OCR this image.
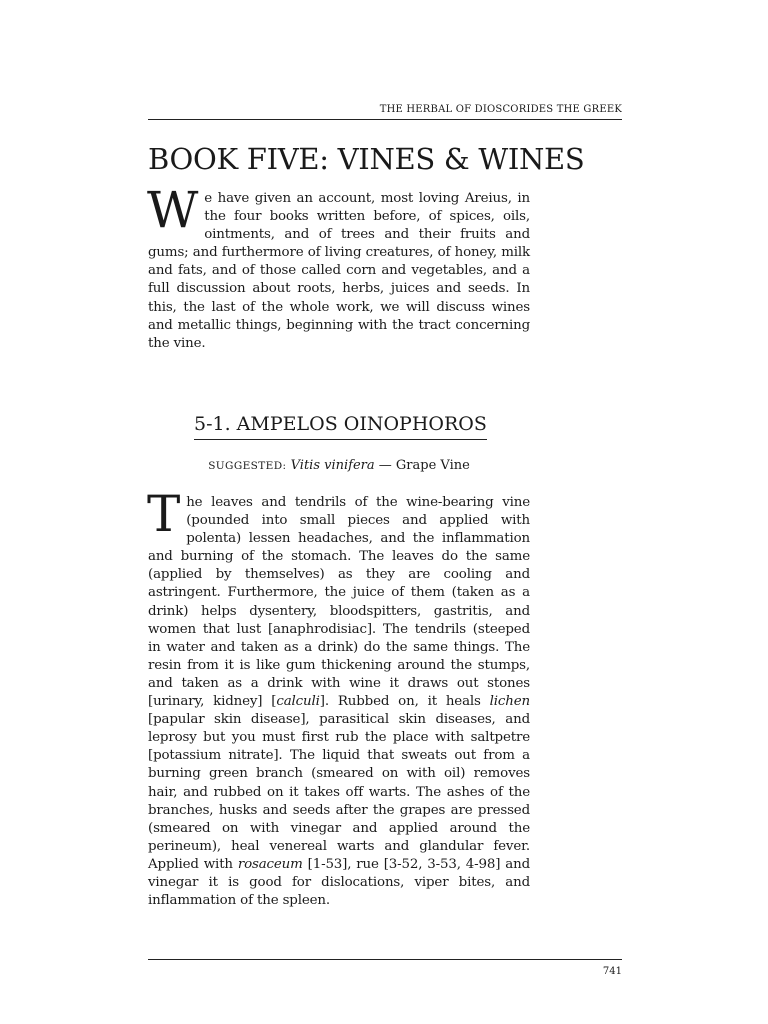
THE HERBAL OF DIOSCORIDES THE GREEK
BOOK FIVE: VINES & WINES

We have given an account, most loving Areius, in the four books written before, of spices, oils, ointments, and of trees and their fruits and gums; and furthermore of living creatures, of honey, milk and fats, and of those called corn and vegetables, and a full discussion about roots, herbs, juices and seeds. In this, the last of the whole work, we will discuss wines and metallic things, beginning with the tract concerning the vine.

5-1. AMPELOS OINOPHOROS
SUGGESTED: Vitis vinifera — Grape Vine

The leaves and tendrils of the wine-bearing vine (pounded into small pieces and applied with polenta) lessen headaches, and the inflammation and burning of the stomach. The leaves do the same (applied by themselves) as they are cooling and astringent. Furthermore, the juice of them (taken as a drink) helps dysentery, bloodspitters, gastritis, and women that lust [anaphrodisiac]. The tendrils (steeped in water and taken as a drink) do the same things. The resin from it is like gum thickening around the stumps, and taken as a drink with wine it draws out stones [urinary, kidney] [calculi]. Rubbed on, it heals lichen [papular skin disease], parasitical skin diseases, and leprosy but you must first rub the place with saltpetre [potassium nitrate]. The liquid that sweats out from a burning green branch (smeared on with oil) removes hair, and rubbed on it takes off warts. The ashes of the branches, husks and seeds after the grapes are pressed (smeared on with vinegar and applied around the perineum), heal venereal warts and glandular fever. Applied with rosaceum [1-53], rue [3-52, 3-53, 4-98] and vinegar it is good for dislocations, viper bites, and inflammation of the spleen.

741
